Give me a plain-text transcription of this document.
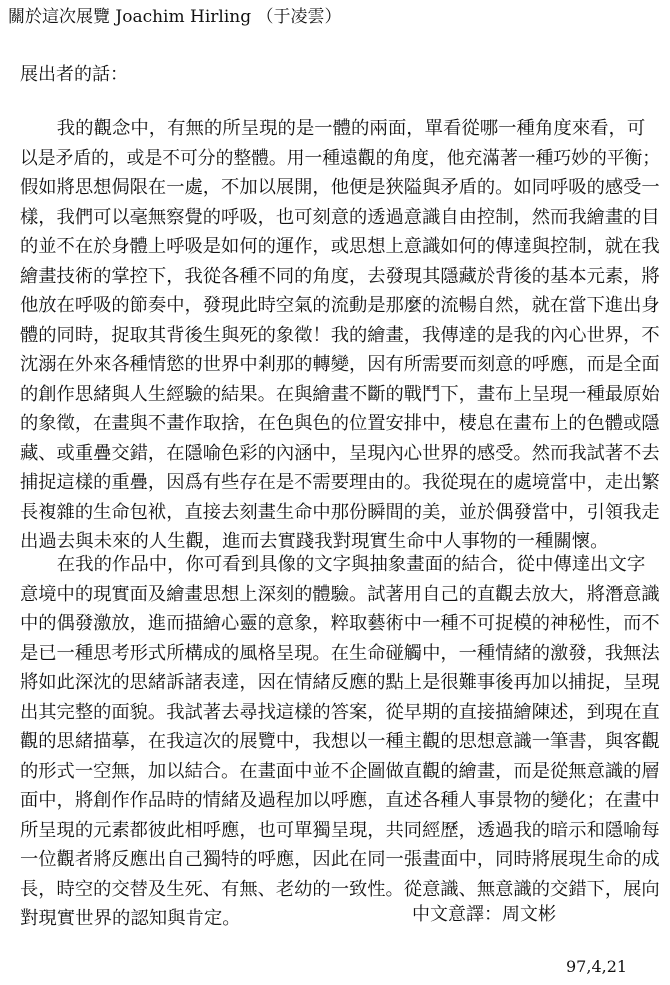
關於這次展覽 Joachim Hirling （于凌雲）
展出者的話：
　　我的觀念中，有無的所呈現的是一體的兩面，單看從哪一種角度來看，可
以是矛盾的，或是不可分的整體。用一種遠觀的角度，他充滿著一種巧妙的平衡；
假如將思想侷限在一處，不加以展開，他便是狹隘與矛盾的。如同呼吸的感受一
樣，我們可以毫無察覺的呼吸，也可刻意的透過意識自由控制，然而我繪畫的目
的並不在於身體上呼吸是如何的運作，或思想上意識如何的傳達與控制，就在我
繪畫技術的掌控下，我從各種不同的角度，去發現其隱藏於背後的基本元素，將
他放在呼吸的節奏中，發現此時空氣的流動是那麼的流暢自然，就在當下進出身
體的同時，捉取其背後生與死的象徵！我的繪畫，我傳達的是我的內心世界，不
沈溺在外來各種情慾的世界中剎那的轉變，因有所需要而刻意的呼應，而是全面
的創作思緒與人生經驗的結果。在與繪畫不斷的戰鬥下，畫布上呈現一種最原始
的象徵，在畫與不畫作取捨，在色與色的位置安排中，棲息在畫布上的色體或隱
藏、或重疊交錯，在隱喻色彩的內涵中，呈現內心世界的感受。然而我試著不去
捕捉這樣的重疊，因爲有些存在是不需要理由的。我從現在的處境當中，走出繁
長複雜的生命包袱，直接去刻畫生命中那份瞬間的美，並於偶發當中，引領我走
出過去與未來的人生觀，進而去實踐我對現實生命中人事物的一種關懷。
　　在我的作品中，你可看到具像的文字與抽象畫面的結合，從中傳達出文字
意境中的現實面及繪畫思想上深刻的體驗。試著用自己的直觀去放大，將潛意識
中的偶發激放，進而描繪心靈的意象，粹取藝術中一種不可捉模的神秘性，而不
是已一種思考形式所構成的風格呈現。在生命碰觸中，一種情緒的激發，我無法
將如此深沈的思緒訴諸表達，因在情緒反應的點上是很難事後再加以捕捉，呈現
出其完整的面貌。我試著去尋找這樣的答案，從早期的直接描繪陳述，到現在直
觀的思緒描摹，在我這次的展覽中，我想以一種主觀的思想意識一筆書，與客觀
的形式一空無，加以結合。在畫面中並不企圖做直觀的繪畫，而是從無意識的層
面中，將創作作品時的情緒及過程加以呼應，直述各種人事景物的變化；在畫中
所呈現的元素都彼此相呼應，也可單獨呈現，共同經歷，透過我的暗示和隱喻每
一位觀者將反應出自己獨特的呼應，因此在同一張畫面中，同時將展現生命的成
長，時空的交替及生死、有無、老幼的一致性。從意識、無意識的交錯下，展向
對現實世界的認知與肯定。	中文意譯：周文彬
97,4,21
